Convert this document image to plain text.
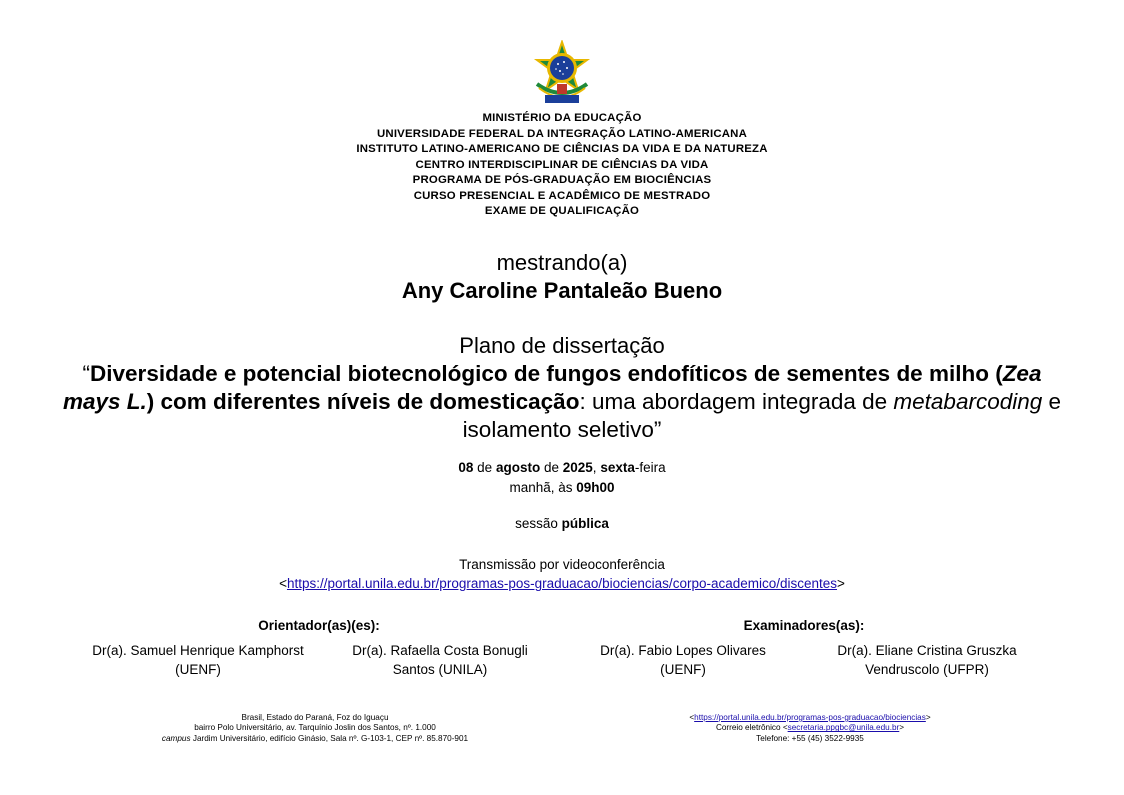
MINISTÉRIO DA EDUCAÇÃO
UNIVERSIDADE FEDERAL DA INTEGRAÇÃO LATINO-AMERICANA
INSTITUTO LATINO-AMERICANO DE CIÊNCIAS DA VIDA E DA NATUREZA
CENTRO INTERDISCIPLINAR DE CIÊNCIAS DA VIDA
PROGRAMA DE PÓS-GRADUAÇÃO EM BIOCIÊNCIAS
CURSO PRESENCIAL E ACADÊMICO DE MESTRADO
EXAME DE QUALIFICAÇÃO
mestrando(a)
Any Caroline Pantaleão Bueno
Plano de dissertação
“Diversidade e potencial biotecnológico de fungos endofíticos de sementes de milho (Zea mays L.) com diferentes níveis de domesticação: uma abordagem integrada de metabarcoding e isolamento seletivo”
08 de agosto de 2025, sexta-feira
manhã, às 09h00
sessão pública
Transmissão por videoconferência
<https://portal.unila.edu.br/programas-pos-graduacao/biociencias/corpo-academico/discentes>
Orientador(as)(es):
Dr(a). Samuel Henrique Kamphorst
(UENF)
Dr(a). Rafaella Costa Bonugli
Santos (UNILA)
Examinadores(as):
Dr(a). Fabio Lopes Olivares
(UENF)
Dr(a). Eliane Cristina Gruszka
Vendruscolo (UFPR)
Brasil, Estado do Paraná, Foz do Iguaçu
bairro Polo Universitário, av. Tarquínio Joslin dos Santos, nº. 1.000
campus Jardim Universitário, edifício Ginásio, Sala nº. G-103-1, CEP nº. 85.870-901
<https://portal.unila.edu.br/programas-pos-graduacao/biociencias>
Correio eletrônico <secretaria.ppgbc@unila.edu.br>
Telefone: +55 (45) 3522-9935
